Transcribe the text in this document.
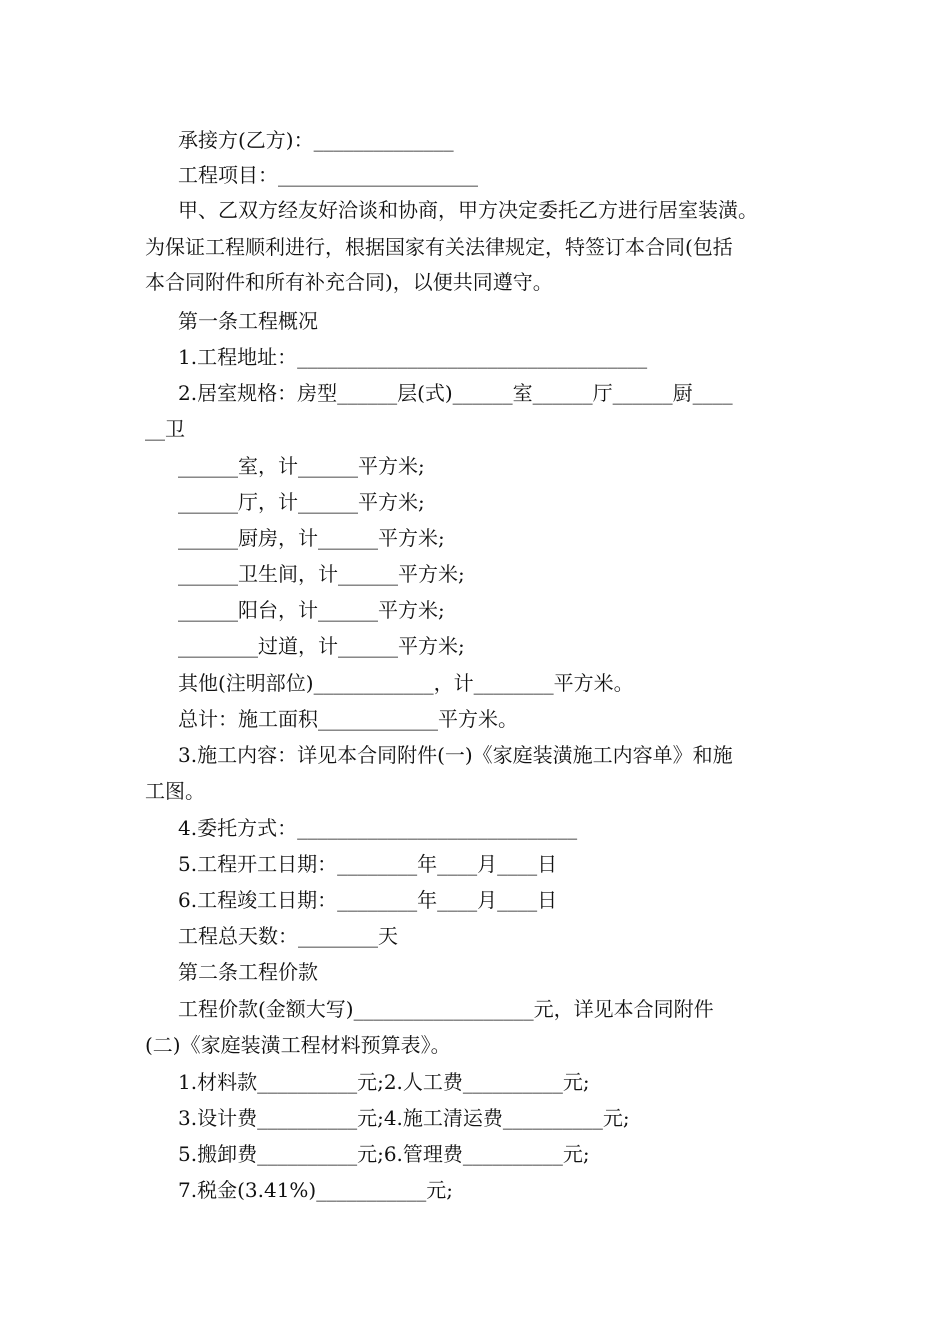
承接方(乙方)：______________
工程项目：____________________
甲、乙双方经友好洽谈和协商，甲方决定委托乙方进行居室装潢。
为保证工程顺利进行，根据国家有关法律规定，特签订本合同(包括
本合同附件和所有补充合同)，以便共同遵守。
第一条工程概况
1.工程地址：___________________________________
2.居室规格：房型______层(式)______室______厅______厨____
__卫
______室，计______平方米;
______厅，计______平方米;
______厨房，计______平方米;
______卫生间，计______平方米;
______阳台，计______平方米;
________过道，计______平方米;
其他(注明部位)____________，计________平方米。
总计：施工面积____________平方米。
3.施工内容：详见本合同附件(一)《家庭装潢施工内容单》和施
工图。
4.委托方式：____________________________
5.工程开工日期：________年____月____日
6.工程竣工日期：________年____月____日
工程总天数：________天
第二条工程价款
工程价款(金额大写)__________________元，详见本合同附件
(二)《家庭装潢工程材料预算表》。
1.材料款__________元;2.人工费__________元;
3.设计费__________元;4.施工清运费__________元;
5.搬卸费__________元;6.管理费__________元;
7.税金(3.41%)___________元;
